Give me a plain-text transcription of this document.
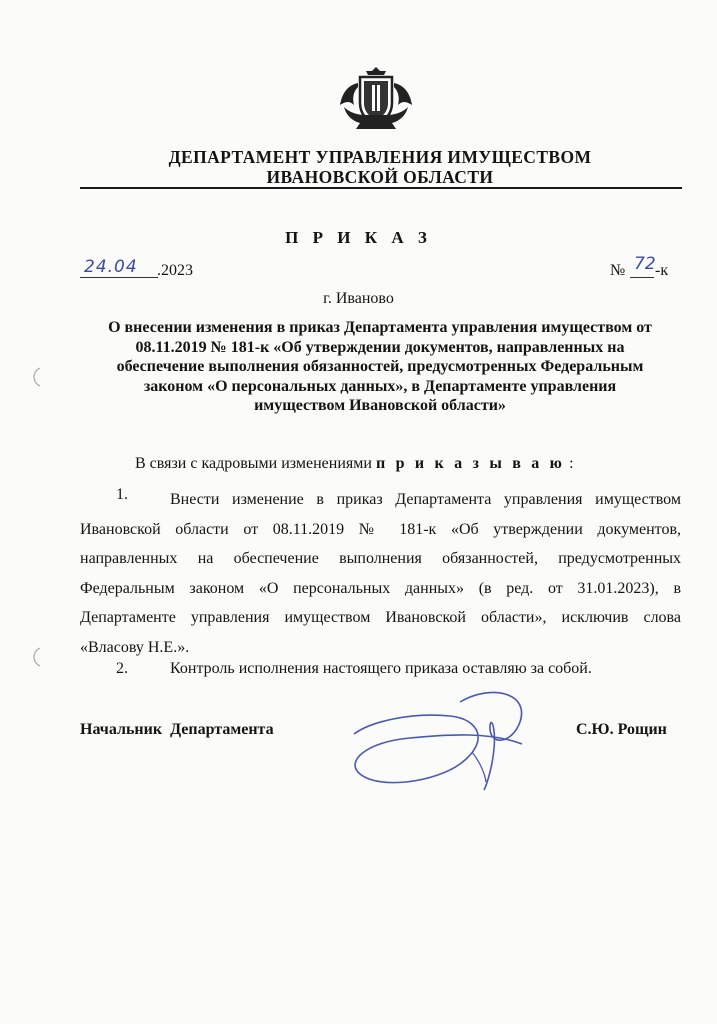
ДЕПАРТАМЕНТ УПРАВЛЕНИЯ ИМУЩЕСТВОМ
ИВАНОВСКОЙ ОБЛАСТИ
П Р И К А З
24.04 .2023	№ 72 -к
г. Иваново
О внесении изменения в приказ Департамента управления имуществом от
08.11.2019 № 181-к «Об утверждении документов, направленных на
обеспечение выполнения обязанностей, предусмотренных Федеральным
законом «О персональных данных», в Департаменте управления
имуществом Ивановской области»
В связи с кадровыми изменениями п р и к а з ы в а ю :
1.	Внести изменение в приказ Департамента управления имуществом Ивановской области от 08.11.2019 № 181-к «Об утверждении документов, направленных на обеспечение выполнения обязанностей, предусмотренных Федеральным законом «О персональных данных» (в ред. от 31.01.2023), в Департаменте управления имуществом Ивановской области», исключив слова «Власову Н.Е.».
2.	Контроль исполнения настоящего приказа оставляю за собой.
Начальник  Департамента	С.Ю. Рощин
